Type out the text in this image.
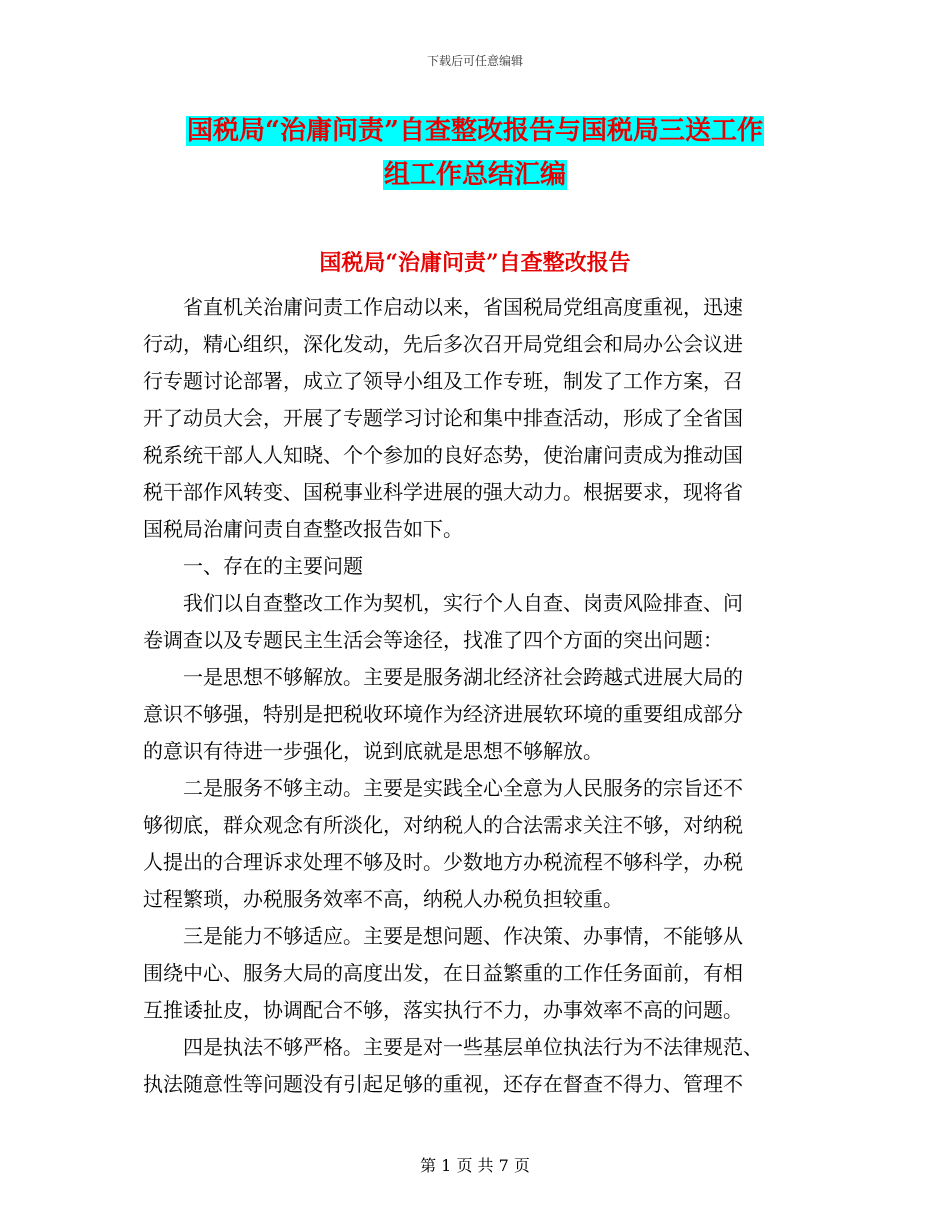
下载后可任意编辑
国税局“治庸问责”自查整改报告与国税局三送工作
组工作总结汇编
国税局“治庸问责”自查整改报告
省直机关治庸问责工作启动以来，省国税局党组高度重视，迅速
行动，精心组织，深化发动，先后多次召开局党组会和局办公会议进
行专题讨论部署，成立了领导小组及工作专班，制发了工作方案，召
开了动员大会，开展了专题学习讨论和集中排查活动，形成了全省国
税系统干部人人知晓、个个参加的良好态势，使治庸问责成为推动国
税干部作风转变、国税事业科学进展的强大动力。根据要求，现将省
国税局治庸问责自查整改报告如下。
一、存在的主要问题
我们以自查整改工作为契机，实行个人自查、岗责风险排查、问
卷调查以及专题民主生活会等途径，找准了四个方面的突出问题：
一是思想不够解放。主要是服务湖北经济社会跨越式进展大局的
意识不够强，特别是把税收环境作为经济进展软环境的重要组成部分
的意识有待进一步强化，说到底就是思想不够解放。
二是服务不够主动。主要是实践全心全意为人民服务的宗旨还不
够彻底，群众观念有所淡化，对纳税人的合法需求关注不够，对纳税
人提出的合理诉求处理不够及时。少数地方办税流程不够科学，办税
过程繁琐，办税服务效率不高，纳税人办税负担较重。
三是能力不够适应。主要是想问题、作决策、办事情，不能够从
围绕中心、服务大局的高度出发，在日益繁重的工作任务面前，有相
互推诿扯皮，协调配合不够，落实执行不力，办事效率不高的问题。
四是执法不够严格。主要是对一些基层单位执法行为不法律规范、
执法随意性等问题没有引起足够的重视，还存在督查不得力、管理不
第 1 页 共 7 页
